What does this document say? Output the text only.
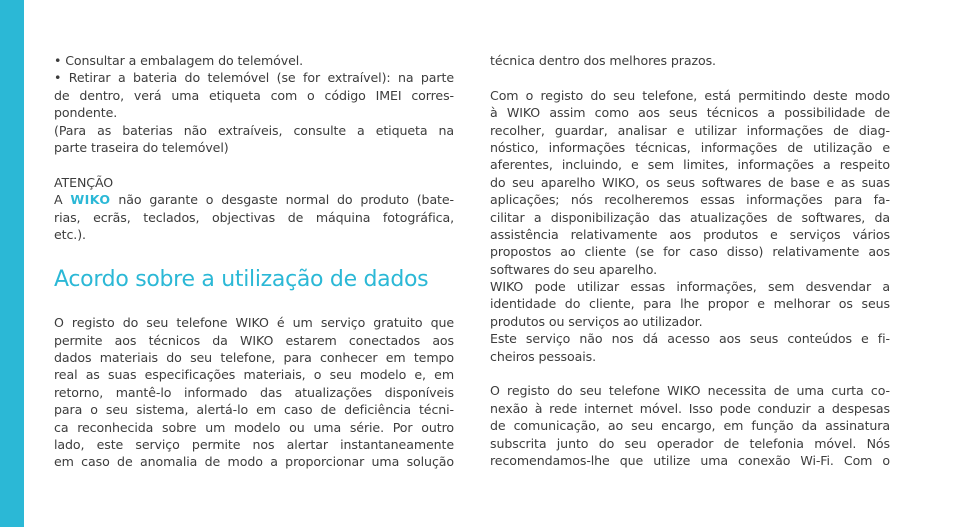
• Consultar a embalagem do telemóvel.
• Retirar a bateria do telemóvel (se for extraível): na parte
de dentro, verá uma etiqueta com o código IMEI corres-
pondente.
(Para as baterias não extraíveis, consulte a etiqueta na
parte traseira do telemóvel)
ATENÇÃO
A WIKO não garante o desgaste normal do produto (bate-
rias, ecrãs, teclados, objectivas de máquina fotográfica,
etc.).
Acordo sobre a utilização de dados
O registo do seu telefone WIKO é um serviço gratuito que
permite aos técnicos da WIKO estarem conectados aos
dados materiais do seu telefone, para conhecer em tempo
real as suas especificações materiais, o seu modelo e, em
retorno, mantê-lo informado das atualizações disponíveis
para o seu sistema, alertá-lo em caso de deficiência técni-
ca reconhecida sobre um modelo ou uma série. Por outro
lado, este serviço permite nos alertar instantaneamente
em caso de anomalia de modo a proporcionar uma solução
técnica dentro dos melhores prazos.
Com o registo do seu telefone, está permitindo deste modo
à WIKO assim como aos seus técnicos a possibilidade de
recolher, guardar, analisar e utilizar informações de diag-
nóstico, informações técnicas, informações de utilização e
aferentes, incluindo, e sem limites, informações a respeito
do seu aparelho WIKO, os seus softwares de base e as suas
aplicações; nós recolheremos essas informações para fa-
cilitar a disponibilização das atualizações de softwares, da
assistência relativamente aos produtos e serviços vários
propostos ao cliente (se for caso disso) relativamente aos
softwares do seu aparelho.
WIKO pode utilizar essas informações, sem desvendar a
identidade do cliente, para lhe propor e melhorar os seus
produtos ou serviços ao utilizador.
Este serviço não nos dá acesso aos seus conteúdos e fi-
cheiros pessoais.
O registo do seu telefone WIKO necessita de uma curta co-
nexão à rede internet móvel. Isso pode conduzir a despesas
de comunicação, ao seu encargo, em função da assinatura
subscrita junto do seu operador de telefonia móvel. Nós
recomendamos-lhe que utilize uma conexão Wi-Fi. Com o
